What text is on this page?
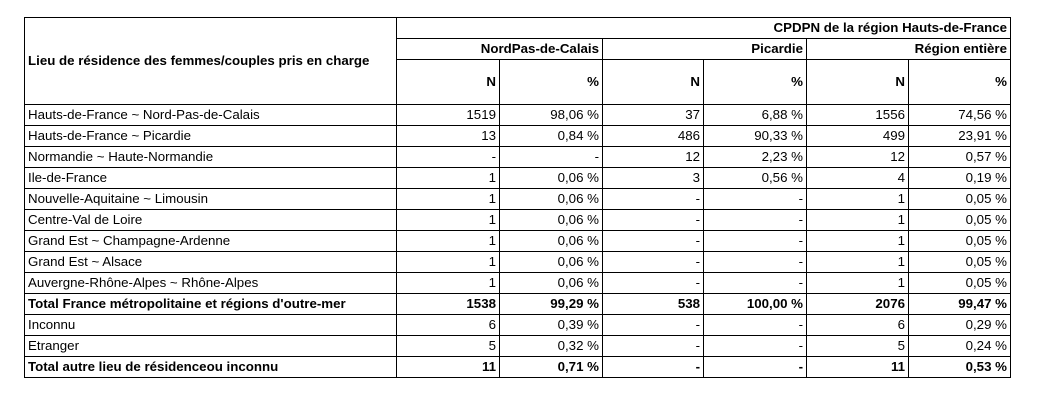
Lieu de résidence des femmes/couples pris en charge	CPDPN de la région Hauts-de-France					
	NordPas-de-Calais		Picardie		Région entière	
	N	%	N	%	N	%
Hauts-de-France ~ Nord-Pas-de-Calais	1519	98,06 %	37	6,88 %	1556	74,56 %
Hauts-de-France ~ Picardie	13	0,84 %	486	90,33 %	499	23,91 %
Normandie ~ Haute-Normandie	-	-	12	2,23 %	12	0,57 %
Ile-de-France	1	0,06 %	3	0,56 %	4	0,19 %
Nouvelle-Aquitaine ~ Limousin	1	0,06 %	-	-	1	0,05 %
Centre-Val de Loire	1	0,06 %	-	-	1	0,05 %
Grand Est ~ Champagne-Ardenne	1	0,06 %	-	-	1	0,05 %
Grand Est ~ Alsace	1	0,06 %	-	-	1	0,05 %
Auvergne-Rhône-Alpes ~ Rhône-Alpes	1	0,06 %	-	-	1	0,05 %
Total France métropolitaine et régions d'outre-mer	1538	99,29 %	538	100,00 %	2076	99,47 %
Inconnu	6	0,39 %	-	-	6	0,29 %
Etranger	5	0,32 %	-	-	5	0,24 %
Total autre lieu de résidenceou inconnu	11	0,71 %	-	-	11	0,53 %
